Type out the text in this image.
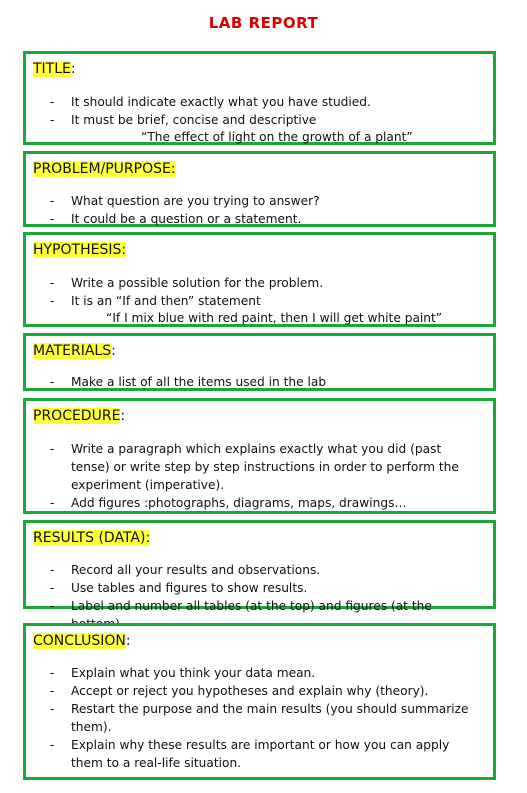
LAB REPORT
TITLE:
- It should indicate exactly what you have studied.
- It must be brief, concise and descriptive
“The effect of light on the growth of a plant”
PROBLEM/PURPOSE:
- What question are you trying to answer?
- It could be a question or a statement.
HYPOTHESIS:
- Write a possible solution for the problem.
- It is an “If and then” statement
“If I mix blue with red paint, then I will get white paint”
MATERIALS:
- Make a list of all the items used in the lab
PROCEDURE:
- Write a paragraph which explains exactly what you did (past tense) or write step by step instructions in order to perform the experiment (imperative).
- Add figures :photographs, diagrams, maps, drawings…
RESULTS (DATA):
- Record all your results and observations.
- Use tables and figures to show results.
- Label and number all tables (at the top) and figures (at the
CONCLUSION:
- Explain what you think your data mean.
- Accept or reject you hypotheses and explain why (theory).
- Restart the purpose and the main results (you should summarize them).
- Explain why these results are important or how you can apply them to a real-life situation.
